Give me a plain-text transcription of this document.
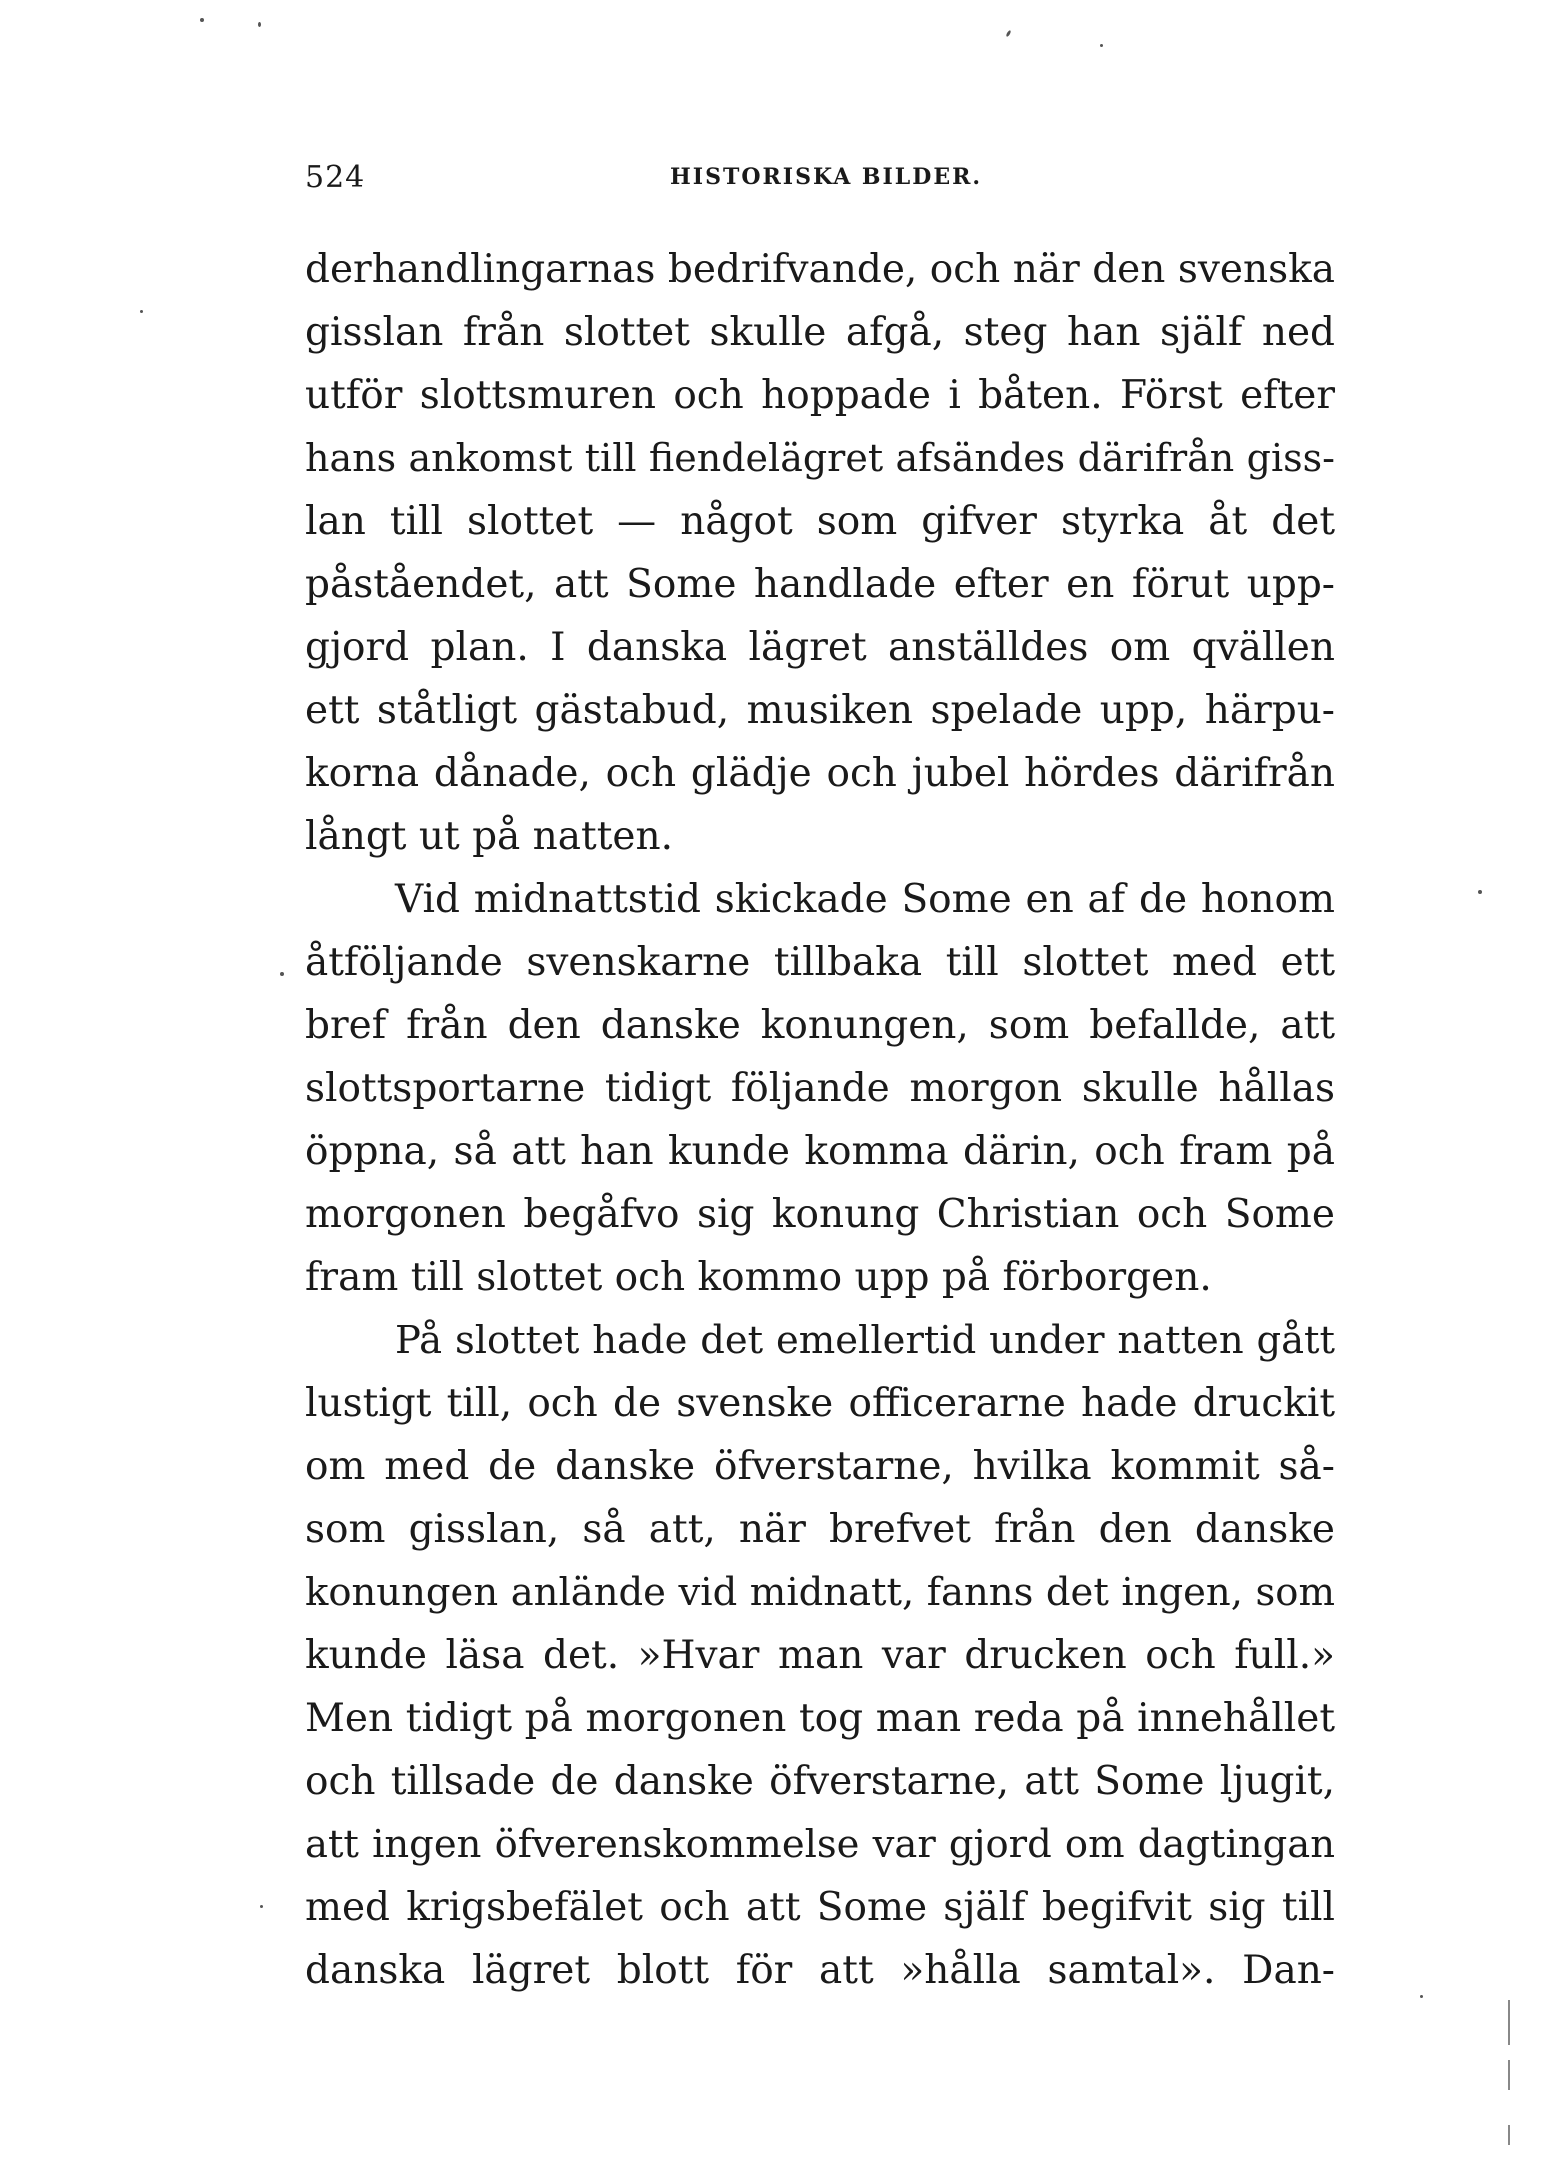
524	HISTORISKA BILDER.
derhandlingarnas bedrifvande, och när den svenska
gisslan från slottet skulle afgå, steg han själf ned
utför slottsmuren och hoppade i båten. Först efter
hans ankomst till fiendelägret afsändes därifrån giss-
lan till slottet — något som gifver styrka åt det
påståendet, att Some handlade efter en förut upp-
gjord plan. I danska lägret anställdes om qvällen
ett ståtligt gästabud, musiken spelade upp, härpu-
korna dånade, och glädje och jubel hördes därifrån
långt ut på natten.
Vid midnattstid skickade Some en af de honom
åtföljande svenskarne tillbaka till slottet med ett
bref från den danske konungen, som befallde, att
slottsportarne tidigt följande morgon skulle hållas
öppna, så att han kunde komma därin, och fram på
morgonen begåfvo sig konung Christian och Some
fram till slottet och kommo upp på förborgen.
På slottet hade det emellertid under natten gått
lustigt till, och de svenske officerarne hade druckit
om med de danske öfverstarne, hvilka kommit så-
som gisslan, så att, när brefvet från den danske
konungen anlände vid midnatt, fanns det ingen, som
kunde läsa det. »Hvar man var drucken och full.»
Men tidigt på morgonen tog man reda på innehållet
och tillsade de danske öfverstarne, att Some ljugit,
att ingen öfverenskommelse var gjord om dagtingan
med krigsbefälet och att Some själf begifvit sig till
danska lägret blott för att »hålla samtal». Dan-
